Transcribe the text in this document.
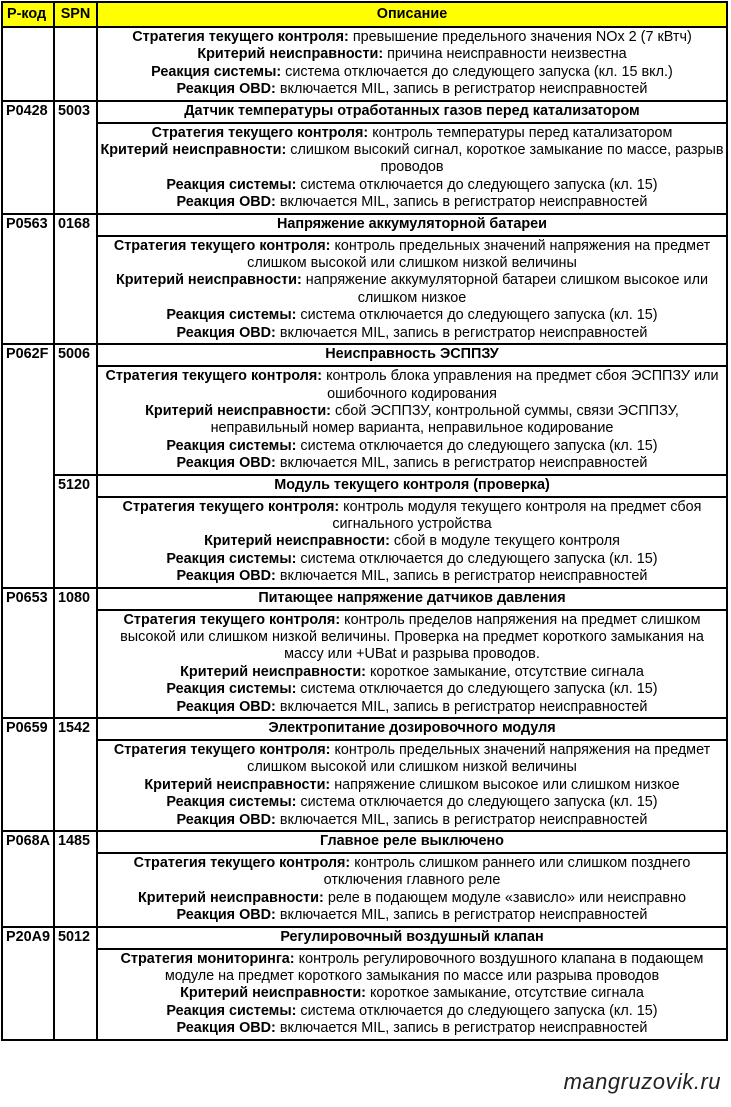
Р-код	SPN	Описание

		Стратегия текущего контроля: превышение предельного значения NOx 2 (7 кВтч)
Критерий неисправности: причина неисправности неизвестна
Реакция системы: система отключается до следующего запуска (кл. 15 вкл.)
Реакция OBD: включается MIL, запись в регистратор неисправностей

P0428	5003	Датчик температуры отработанных газов перед катализатором

		Стратегия текущего контроля: контроль температуры перед катализатором
Критерий неисправности: слишком высокий сигнал, короткое замыкание по массе, разрыв проводов
Реакция системы: система отключается до следующего запуска (кл. 15)
Реакция OBD: включается MIL, запись в регистратор неисправностей

P0563	0168	Напряжение аккумуляторной батареи

		Стратегия текущего контроля: контроль предельных значений напряжения на предмет слишком высокой или слишком низкой величины
Критерий неисправности: напряжение аккумуляторной батареи слишком высокое или слишком низкое
Реакция системы: система отключается до следующего запуска (кл. 15)
Реакция OBD: включается MIL, запись в регистратор неисправностей

P062F	5006	Неисправность ЭСППЗУ

		Стратегия текущего контроля: контроль блока управления на предмет сбоя ЭСППЗУ или ошибочного кодирования
Критерий неисправности: сбой ЭСППЗУ, контрольной суммы, связи ЭСППЗУ, неправильный номер варианта, неправильное кодирование
Реакция системы: система отключается до следующего запуска (кл. 15)
Реакция OBD: включается MIL, запись в регистратор неисправностей

	5120	Модуль текущего контроля (проверка)

		Стратегия текущего контроля: контроль модуля текущего контроля на предмет сбоя сигнального устройства
Критерий неисправности: сбой в модуле текущего контроля
Реакция системы: система отключается до следующего запуска (кл. 15)
Реакция OBD: включается MIL, запись в регистратор неисправностей

P0653	1080	Питающее напряжение датчиков давления

		Стратегия текущего контроля: контроль пределов напряжения на предмет слишком высокой или слишком низкой величины. Проверка на предмет короткого замыкания на массу или +UBat и разрыва проводов.
Критерий неисправности: короткое замыкание, отсутствие сигнала
Реакция системы: система отключается до следующего запуска (кл. 15)
Реакция OBD: включается MIL, запись в регистратор неисправностей

P0659	1542	Электропитание дозировочного модуля

		Стратегия текущего контроля: контроль предельных значений напряжения на предмет слишком высокой или слишком низкой величины
Критерий неисправности: напряжение слишком высокое или слишком низкое
Реакция системы: система отключается до следующего запуска (кл. 15)
Реакция OBD: включается MIL, запись в регистратор неисправностей

P068A	1485	Главное реле выключено

		Стратегия текущего контроля: контроль слишком раннего или слишком позднего отключения главного реле
Критерий неисправности: реле в подающем модуле «зависло» или неисправно
Реакция OBD: включается MIL, запись в регистратор неисправностей

P20A9	5012	Регулировочный воздушный клапан

		Стратегия мониторинга: контроль регулировочного воздушного клапана в подающем модуле на предмет короткого замыкания по массе или разрыва проводов
Критерий неисправности: короткое замыкание, отсутствие сигнала
Реакция системы: система отключается до следующего запуска (кл. 15)
Реакция OBD: включается MIL, запись в регистратор неисправностей
mangruzovik.ru
